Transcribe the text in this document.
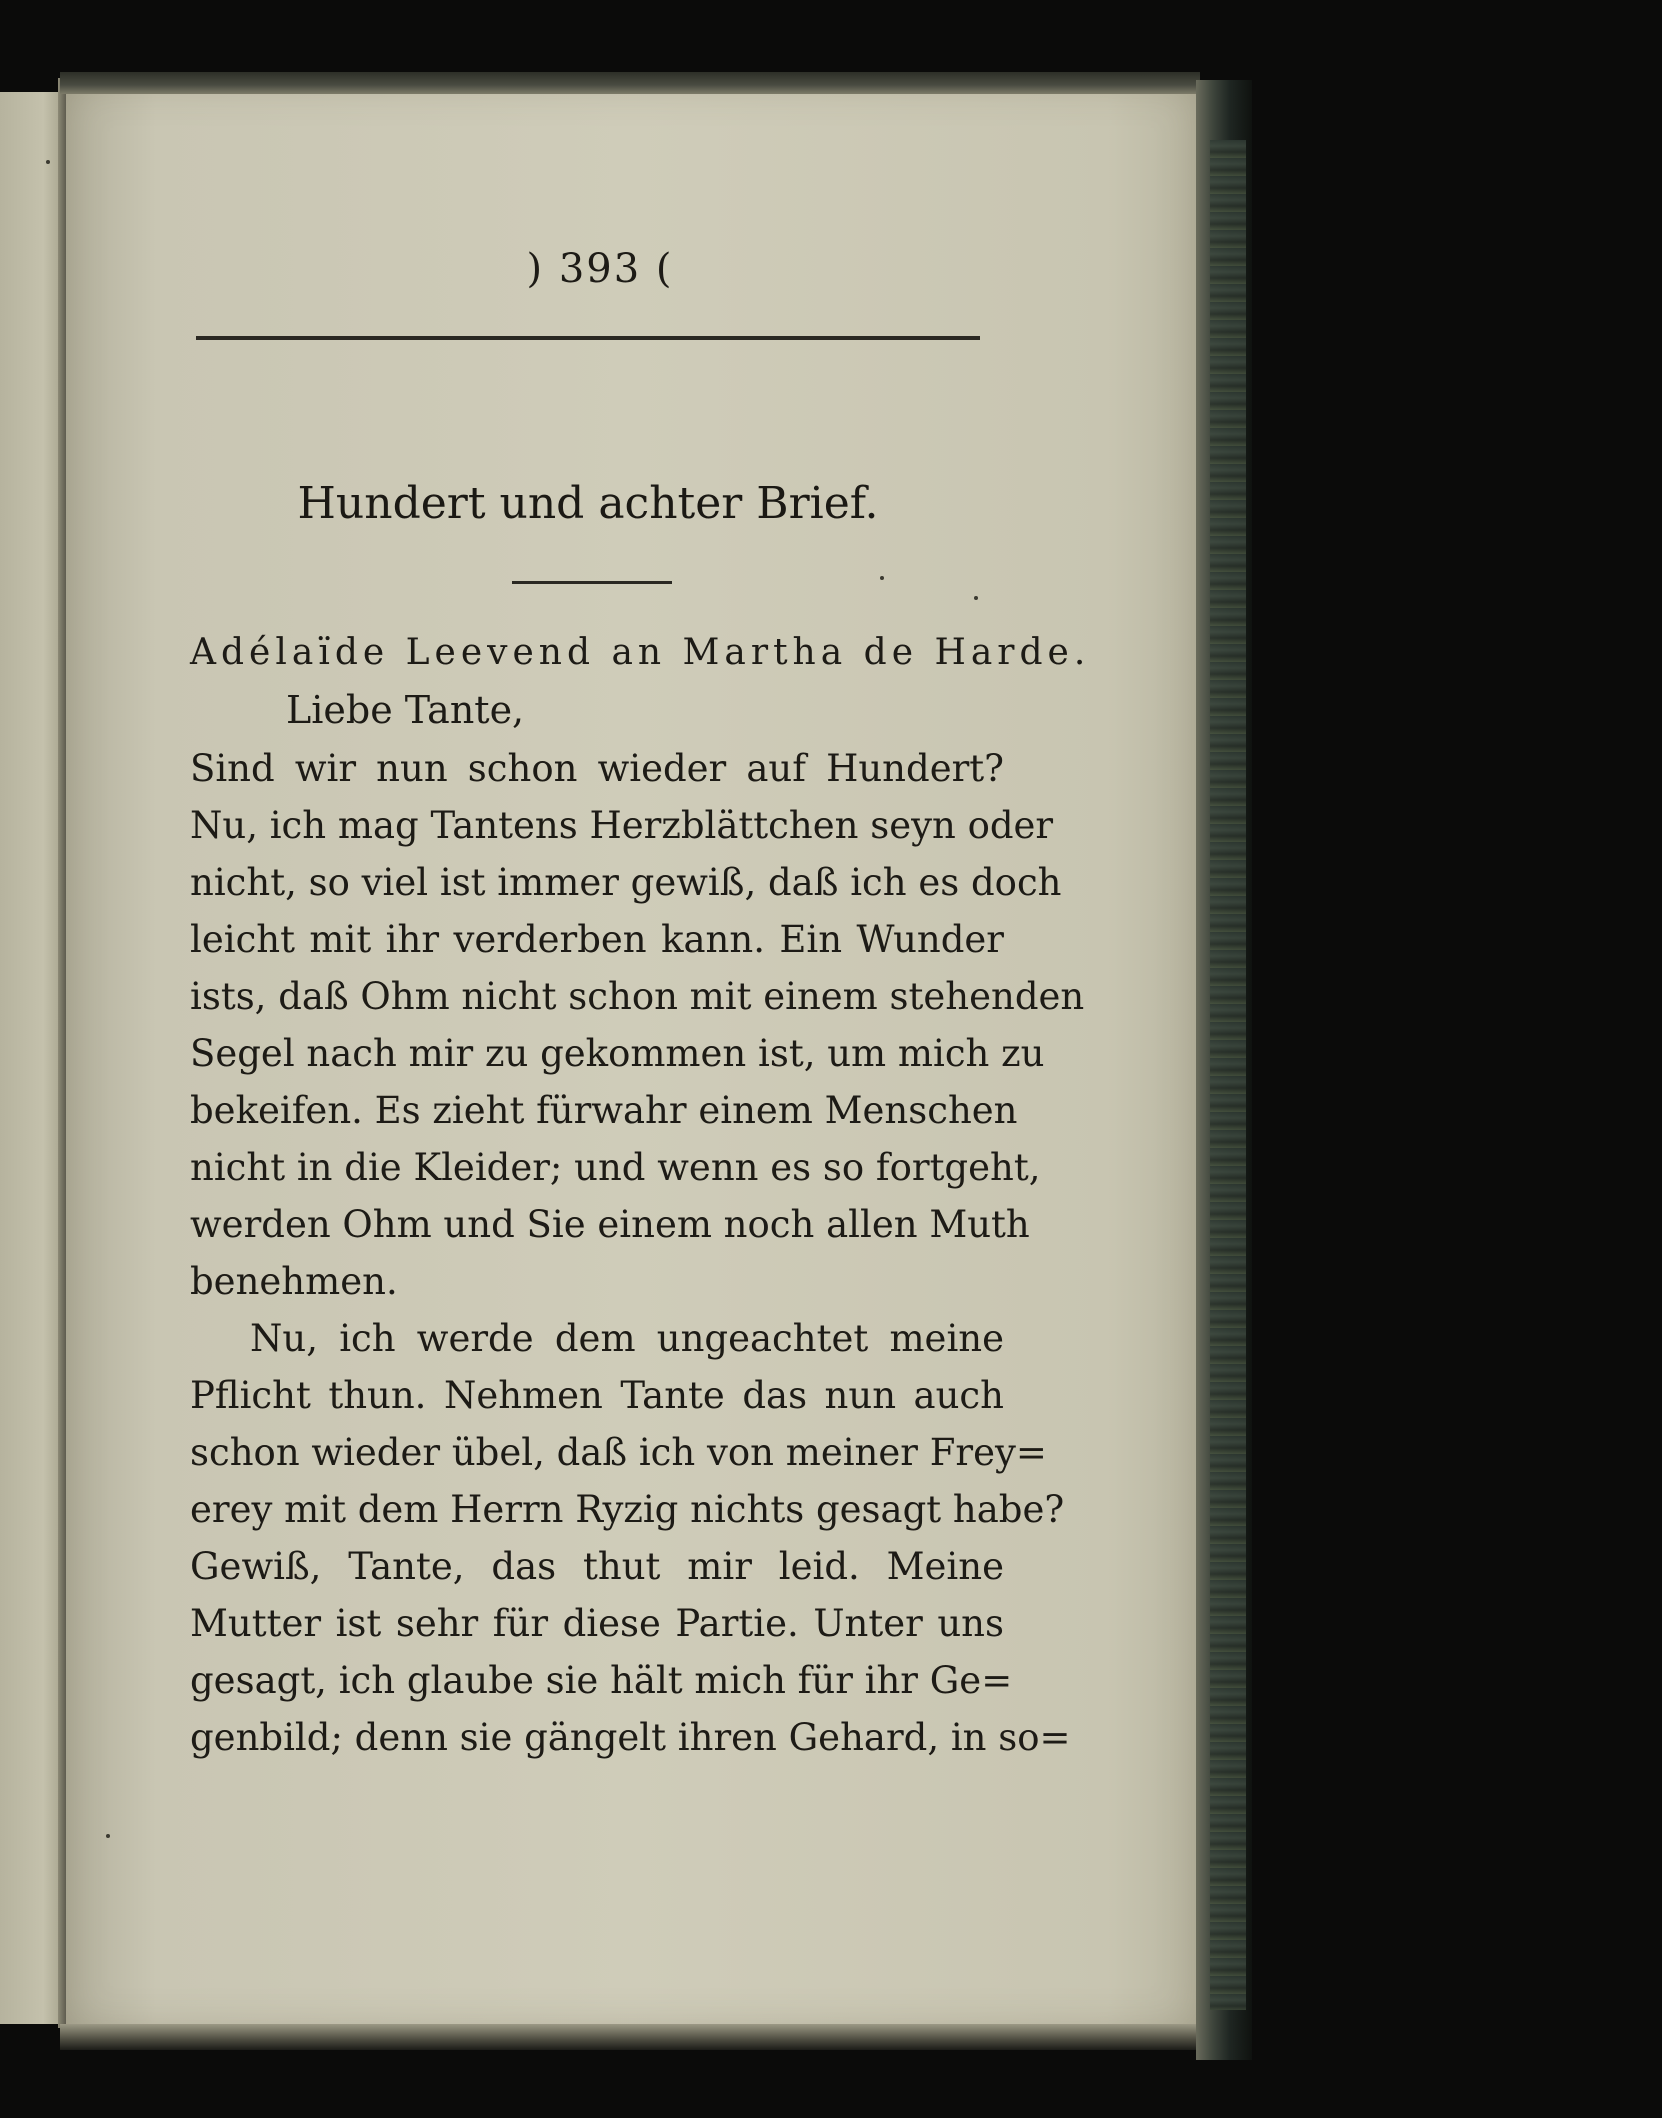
) 393 (
Hundert und achter Brief.
Adélaïde Leevend an Martha de Harde.
Liebe Tante,
Sind wir nun schon wieder auf Hundert?
Nu, ich mag Tantens Herzblättchen seyn oder
nicht, so viel ist immer gewiß, daß ich es doch
leicht mit ihr verderben kann. Ein Wunder
ists, daß Ohm nicht schon mit einem stehenden
Segel nach mir zu gekommen ist, um mich zu
bekeifen. Es zieht fürwahr einem Menschen
nicht in die Kleider; und wenn es so fortgeht,
werden Ohm und Sie einem noch allen Muth
benehmen.
Nu, ich werde dem ungeachtet meine
Pflicht thun. Nehmen Tante das nun auch
schon wieder übel, daß ich von meiner Frey=
erey mit dem Herrn Ryzig nichts gesagt habe?
Gewiß, Tante, das thut mir leid. Meine
Mutter ist sehr für diese Partie. Unter uns
gesagt, ich glaube sie hält mich für ihr Ge=
genbild; denn sie gängelt ihren Gehard, in so=
